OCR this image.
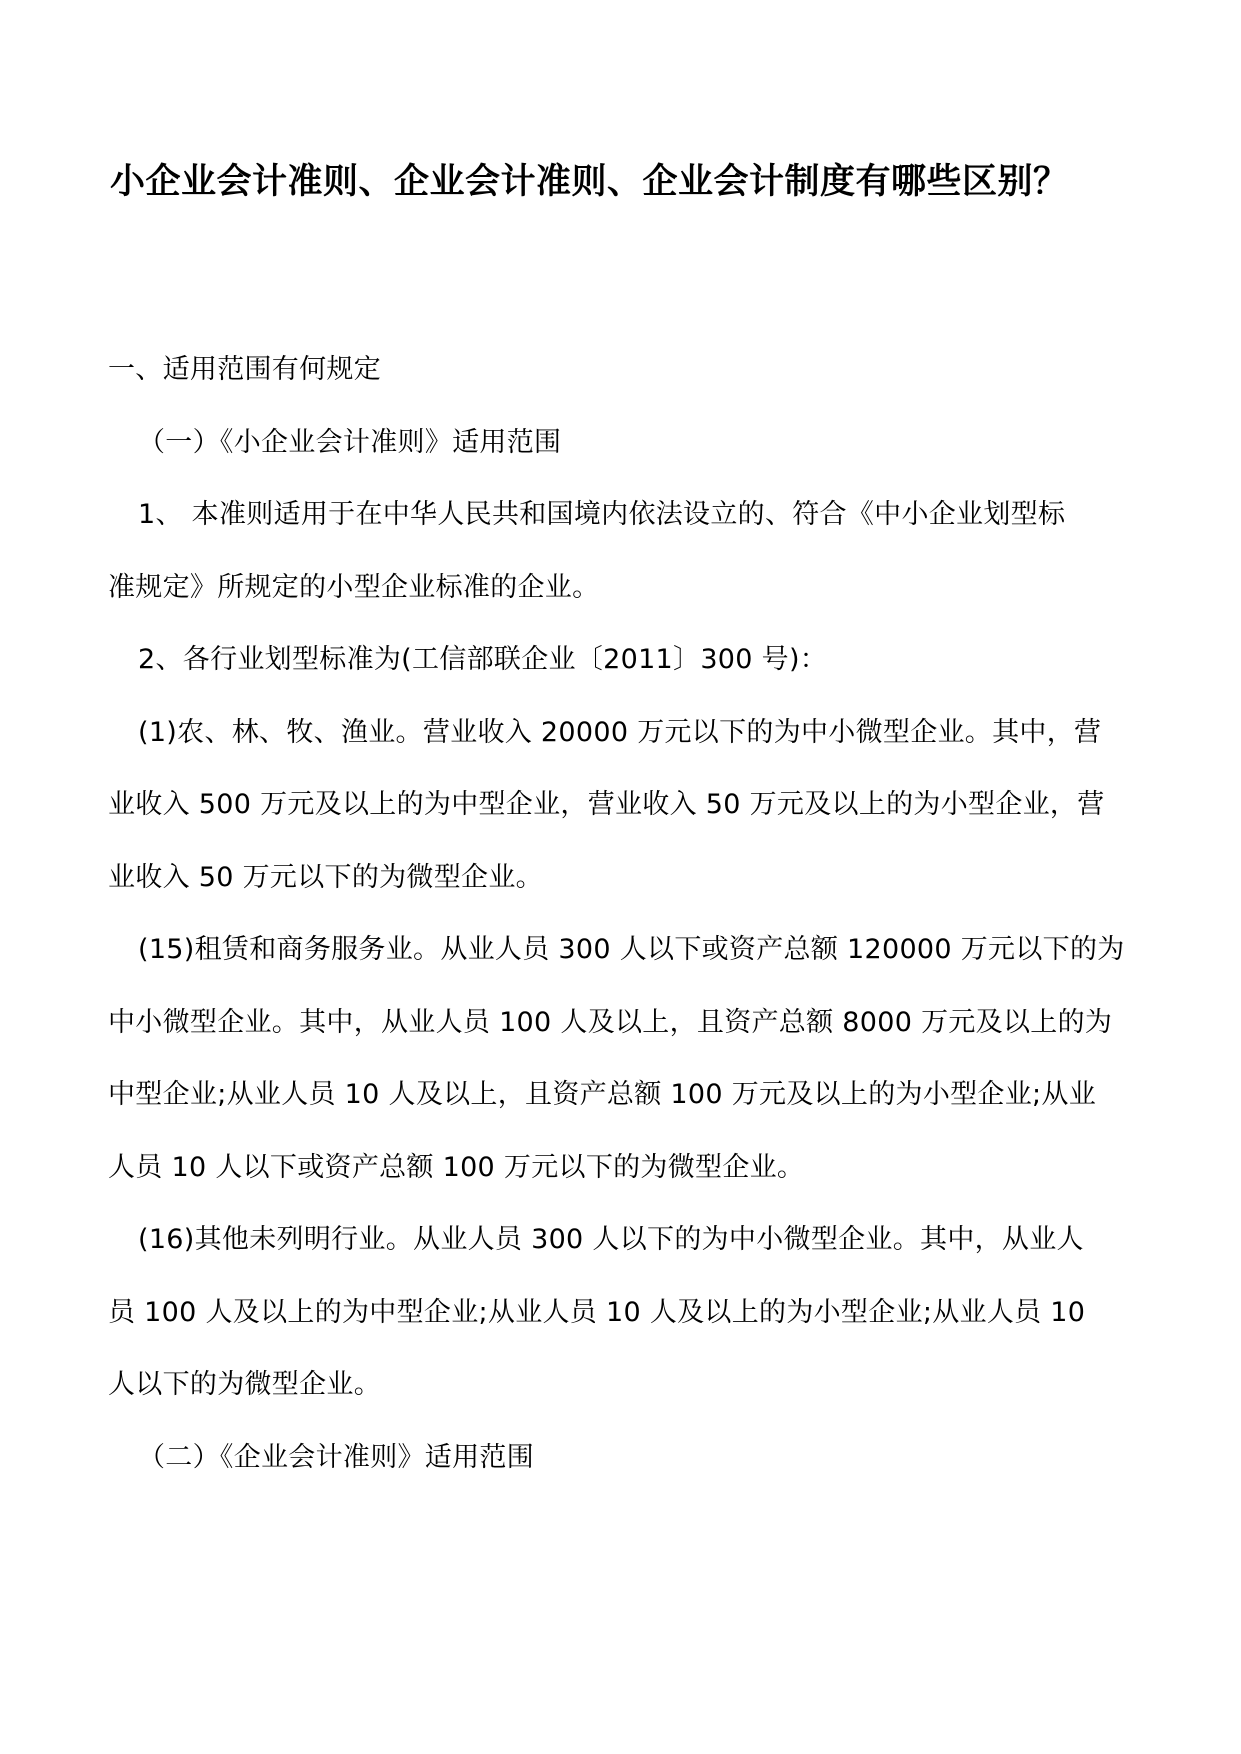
小企业会计准则、企业会计准则、企业会计制度有哪些区别？
一、适用范围有何规定
（一）《小企业会计准则》适用范围
1、 本准则适用于在中华人民共和国境内依法设立的、符合《中小企业划型标
准规定》所规定的小型企业标准的企业。
2、各行业划型标准为(工信部联企业〔2011〕300 号)：
(1)农、林、牧、渔业。营业收入 20000 万元以下的为中小微型企业。其中，营
业收入 500 万元及以上的为中型企业，营业收入 50 万元及以上的为小型企业，营
业收入 50 万元以下的为微型企业。
(15)租赁和商务服务业。从业人员 300 人以下或资产总额 120000 万元以下的为
中小微型企业。其中，从业人员 100 人及以上，且资产总额 8000 万元及以上的为
中型企业;从业人员 10 人及以上，且资产总额 100 万元及以上的为小型企业;从业
人员 10 人以下或资产总额 100 万元以下的为微型企业。
(16)其他未列明行业。从业人员 300 人以下的为中小微型企业。其中，从业人
员 100 人及以上的为中型企业;从业人员 10 人及以上的为小型企业;从业人员 10
人以下的为微型企业。
（二）《企业会计准则》适用范围
